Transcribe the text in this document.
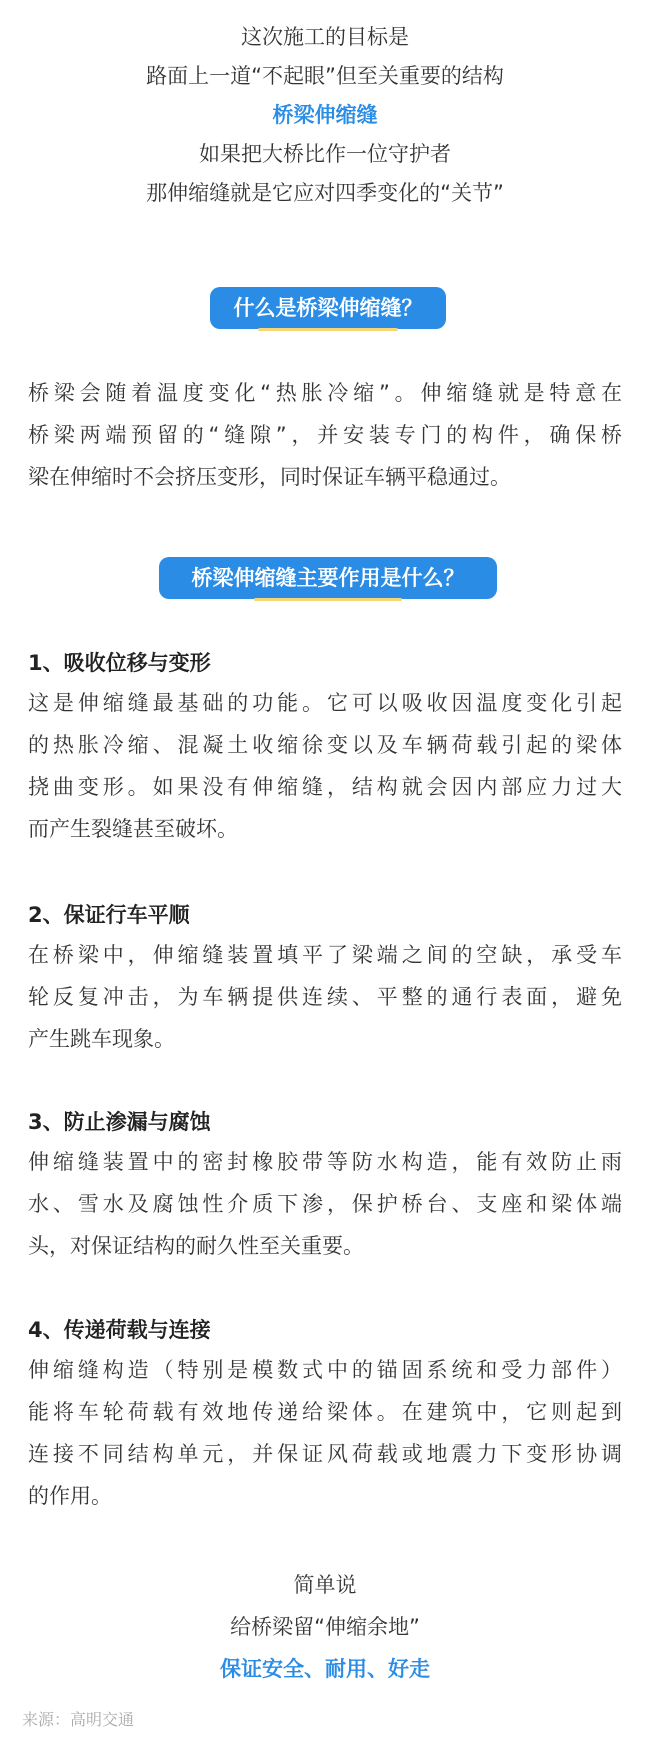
这次施工的目标是
路面上一道“不起眼”但至关重要的结构
桥梁伸缩缝
如果把大桥比作一位守护者
那伸缩缝就是它应对四季变化的“关节”
什么是桥梁伸缩缝？
桥梁会随着温度变化“热胀冷缩”。伸缩缝就是特意在
桥梁两端预留的“缝隙”，并安装专门的构件，确保桥
梁在伸缩时不会挤压变形，同时保证车辆平稳通过。
桥梁伸缩缝主要作用是什么？
1、吸收位移与变形
这是伸缩缝最基础的功能。它可以吸收因温度变化引起
的热胀冷缩、混凝土收缩徐变以及车辆荷载引起的梁体
挠曲变形。如果没有伸缩缝，结构就会因内部应力过大
而产生裂缝甚至破坏。
2、保证行车平顺
在桥梁中，伸缩缝装置填平了梁端之间的空缺，承受车
轮反复冲击，为车辆提供连续、平整的通行表面，避免
产生跳车现象。
3、防止渗漏与腐蚀
伸缩缝装置中的密封橡胶带等防水构造，能有效防止雨
水、雪水及腐蚀性介质下渗，保护桥台、支座和梁体端
头，对保证结构的耐久性至关重要。
4、传递荷载与连接
伸缩缝构造（特别是模数式中的锚固系统和受力部件）
能将车轮荷载有效地传递给梁体。在建筑中，它则起到
连接不同结构单元，并保证风荷载或地震力下变形协调
的作用。
简单说
给桥梁留“伸缩余地”
保证安全、耐用、好走
来源：高明交通
